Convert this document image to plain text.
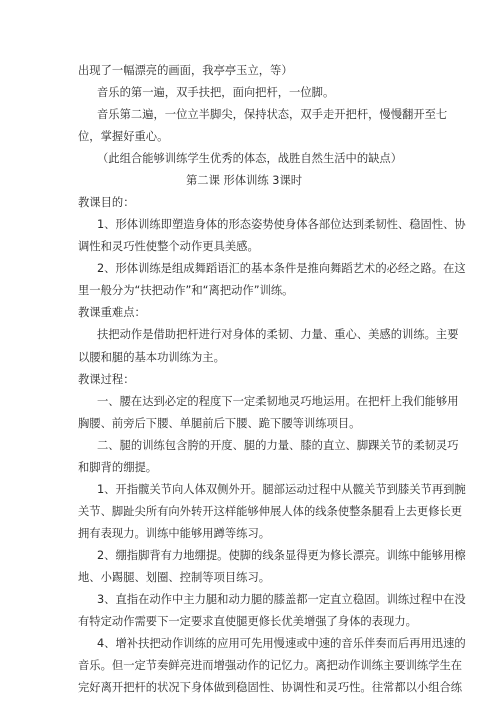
出现了一幅漂亮的画面，我亭亭玉立，等）

音乐的第一遍，双手扶把，面向把杆，一位脚。

音乐第二遍，一位立半脚尖，保持状态，双手走开把杆，慢慢翻开至七

位，掌握好重心。

（此组合能够训练学生优秀的体态，战胜自然生活中的缺点）

第二课 形体训练 3课时

教课目的：

1、形体训练即塑造身体的形态姿势使身体各部位达到柔韧性、稳固性、协

调性和灵巧性使整个动作更具美感。

2、形体训练是组成舞蹈语汇的基本条件是推向舞蹈艺术的必经之路。在这

里一般分为“扶把动作”和“离把动作”训练。

教课重难点：

扶把动作是借助把杆进行对身体的柔韧、力量、重心、美感的训练。主要

以腰和腿的基本功训练为主。

教课过程：

一、腰在达到必定的程度下一定柔韧地灵巧地运用。在把杆上我们能够用

胸腰、前旁后下腰、单腿前后下腰、跪下腰等训练项目。

二、腿的训练包含胯的开度、腿的力量、膝的直立、脚踝关节的柔韧灵巧

和脚背的绷提。

1、开指髋关节向人体双侧外开。腿部运动过程中从髋关节到膝关节再到腕

关节、脚趾尖所有向外转开这样能够伸展人体的线条使整条腿看上去更修长更

拥有表现力。训练中能够用蹲等练习。

2、绷指脚背有力地绷提。使脚的线条显得更为修长漂亮。训练中能够用檫

地、小踢腿、划圈、控制等项目练习。

3、直指在动作中主力腿和动力腿的膝盖都一定直立稳固。训练过程中在没

有特定动作需要下一定要求直使腿更修长优美增强了身体的表现力。

4、增补扶把动作训练的应用可先用慢速或中速的音乐伴奏而后再用迅速的

音乐。但一定节奏鲜亮进而增强动作的记忆力。离把动作训练主要训练学生在

完好离开把杆的状况下身体做到稳固性、协调性和灵巧性。往常都以小组合练
